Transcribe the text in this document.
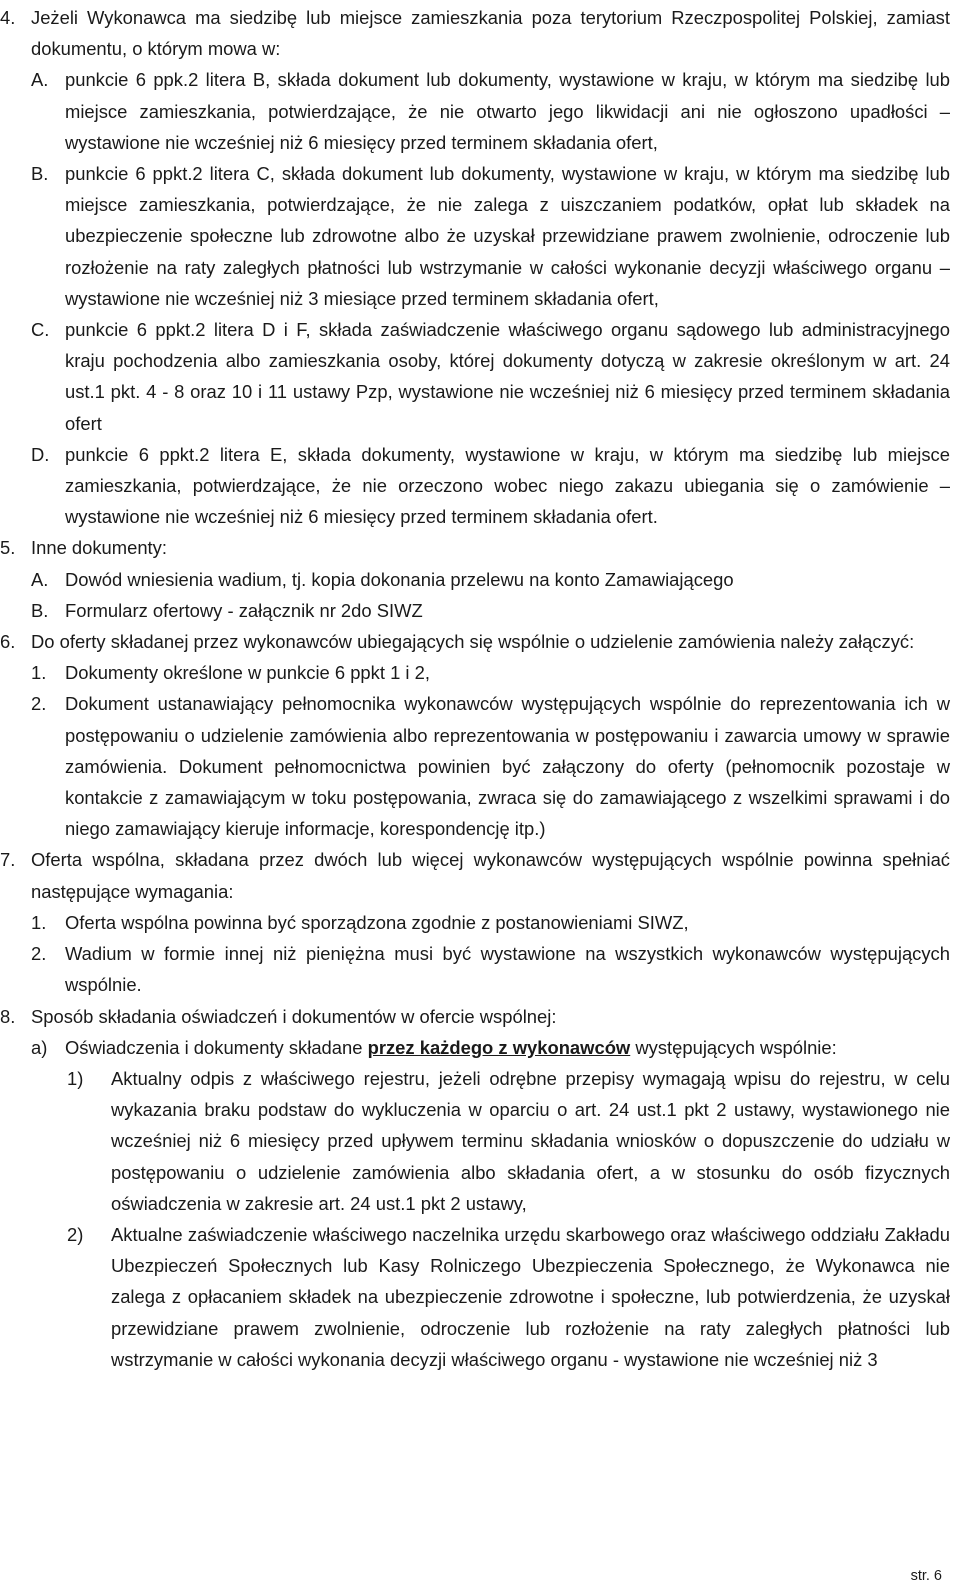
4. Jeżeli Wykonawca ma siedzibę lub miejsce zamieszkania poza terytorium Rzeczpospolitej Polskiej, zamiast dokumentu, o którym mowa w:
A. punkcie 6 ppk.2 litera B, składa dokument lub dokumenty, wystawione w kraju, w którym ma siedzibę lub miejsce zamieszkania, potwierdzające, że nie otwarto jego likwidacji ani nie ogłoszono upadłości – wystawione nie wcześniej niż 6 miesięcy przed terminem składania ofert,
B. punkcie 6 ppkt.2 litera C, składa dokument lub dokumenty, wystawione w kraju, w którym ma siedzibę lub miejsce zamieszkania, potwierdzające, że nie zalega z uiszczaniem podatków, opłat lub składek na ubezpieczenie społeczne lub zdrowotne albo że uzyskał przewidziane prawem zwolnienie, odroczenie lub rozłożenie na raty zaległych płatności lub wstrzymanie w całości wykonanie decyzji właściwego organu – wystawione nie wcześniej niż 3 miesiące przed terminem składania ofert,
C. punkcie 6 ppkt.2 litera D i F, składa zaświadczenie właściwego organu sądowego lub administracyjnego kraju pochodzenia albo zamieszkania osoby, której dokumenty dotyczą w zakresie określonym w art. 24 ust.1 pkt. 4 - 8 oraz 10 i 11 ustawy Pzp, wystawione nie wcześniej niż 6 miesięcy przed terminem składania ofert
D. punkcie 6 ppkt.2 litera E, składa dokumenty, wystawione w kraju, w którym ma siedzibę lub miejsce zamieszkania, potwierdzające, że nie orzeczono wobec niego zakazu ubiegania się o zamówienie – wystawione nie wcześniej niż 6 miesięcy przed terminem składania ofert.
5. Inne dokumenty:
A. Dowód wniesienia wadium, tj. kopia dokonania przelewu na konto Zamawiającego
B. Formularz ofertowy - załącznik nr 2do SIWZ
6. Do oferty składanej przez wykonawców ubiegających się wspólnie o udzielenie zamówienia należy załączyć:
1.	Dokumenty określone w punkcie 6 ppkt 1 i 2,
2.	Dokument ustanawiający pełnomocnika wykonawców występujących wspólnie do reprezentowania ich w postępowaniu o udzielenie zamówienia albo reprezentowania w postępowaniu i zawarcia umowy w sprawie zamówienia. Dokument pełnomocnictwa powinien być załączony do oferty (pełnomocnik pozostaje w kontakcie z zamawiającym w toku postępowania, zwraca się do zamawiającego z wszelkimi sprawami i do niego zamawiający kieruje informacje, korespondencję itp.)
7. Oferta wspólna, składana przez dwóch lub więcej wykonawców występujących wspólnie powinna spełniać następujące wymagania:
1.	Oferta wspólna powinna być sporządzona zgodnie z postanowieniami SIWZ,
2.	Wadium w formie innej niż pieniężna musi być wystawione na wszystkich wykonawców występujących wspólnie.
8. Sposób składania oświadczeń i dokumentów w ofercie wspólnej:
a) Oświadczenia i dokumenty składane przez każdego z wykonawców występujących wspólnie:
1)	Aktualny odpis z właściwego rejestru, jeżeli odrębne przepisy wymagają wpisu do rejestru, w celu wykazania braku podstaw do wykluczenia w oparciu o art. 24 ust.1 pkt 2 ustawy, wystawionego nie wcześniej niż 6 miesięcy przed upływem terminu składania wniosków o dopuszczenie do udziału w postępowaniu o udzielenie zamówienia albo składania ofert, a w stosunku do osób fizycznych oświadczenia w zakresie art. 24 ust.1 pkt 2 ustawy,
2)	Aktualne zaświadczenie właściwego naczelnika urzędu skarbowego oraz właściwego oddziału Zakładu Ubezpieczeń Społecznych lub Kasy Rolniczego Ubezpieczenia Społecznego, że Wykonawca nie zalega z opłacaniem składek na ubezpieczenie zdrowotne i społeczne, lub potwierdzenia, że uzyskał przewidziane prawem zwolnienie, odroczenie lub rozłożenie na raty zaległych płatności lub wstrzymanie w całości wykonania decyzji właściwego organu - wystawione nie wcześniej niż 3
str. 6
